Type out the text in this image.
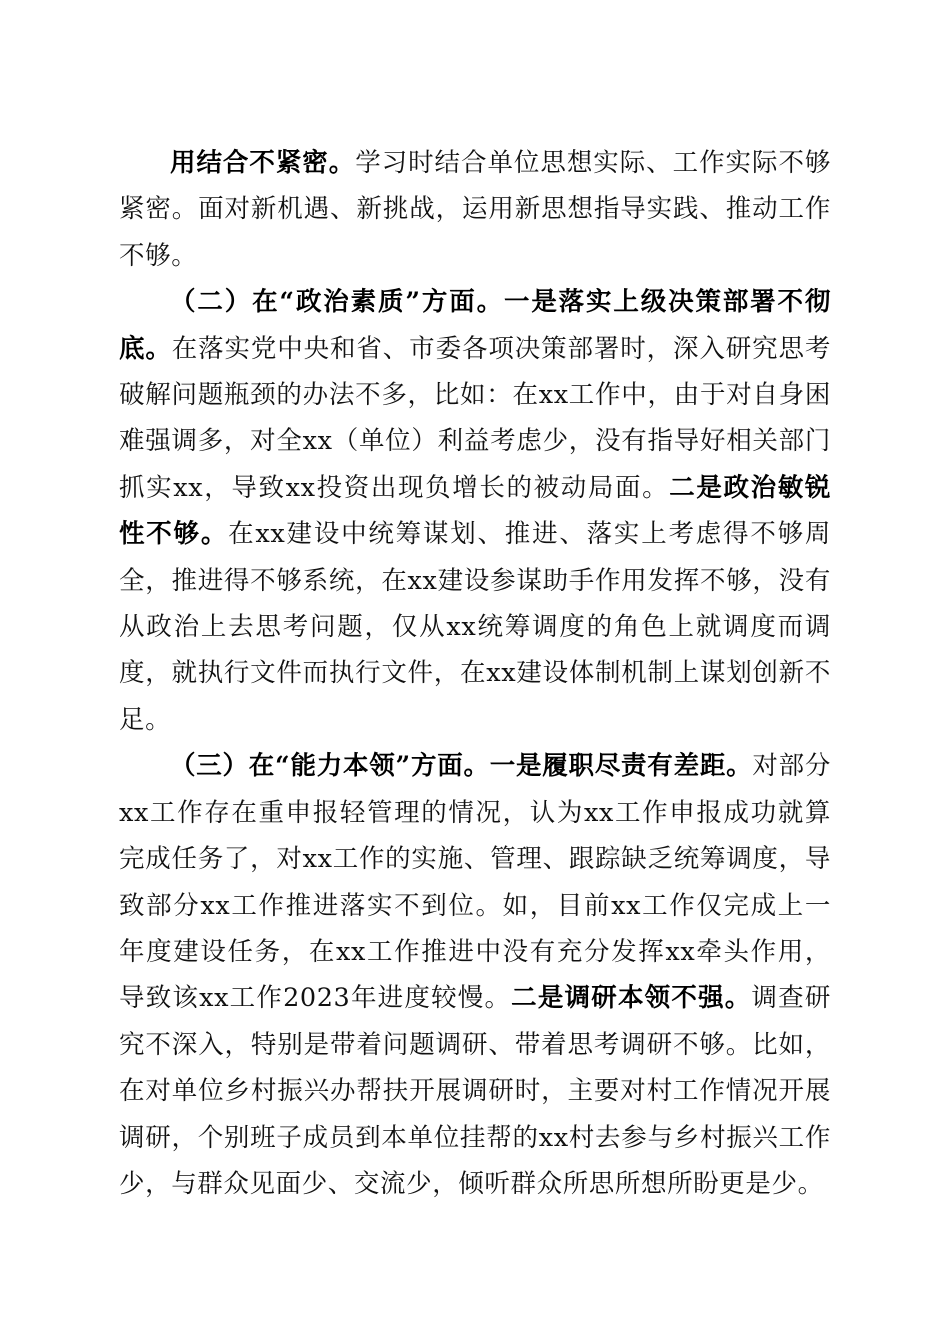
用结合不紧密。学习时结合单位思想实际、工作实际不够紧密。面对新机遇、新挑战，运用新思想指导实践、推动工作不够。

（二）在“政治素质”方面。一是落实上级决策部署不彻底。在落实党中央和省、市委各项决策部署时，深入研究思考破解问题瓶颈的办法不多，比如：在xx工作中，由于对自身困难强调多，对全xx（单位）利益考虑少，没有指导好相关部门抓实xx，导致xx投资出现负增长的被动局面。二是政治敏锐性不够。在xx建设中统筹谋划、推进、落实上考虑得不够周全，推进得不够系统，在xx建设参谋助手作用发挥不够，没有从政治上去思考问题，仅从xx统筹调度的角色上就调度而调度，就执行文件而执行文件，在xx建设体制机制上谋划创新不足。

（三）在“能力本领”方面。一是履职尽责有差距。对部分xx工作存在重申报轻管理的情况，认为xx工作申报成功就算完成任务了，对xx工作的实施、管理、跟踪缺乏统筹调度，导致部分xx工作推进落实不到位。如，目前xx工作仅完成上一年度建设任务，在xx工作推进中没有充分发挥xx牵头作用，导致该xx工作2023年进度较慢。二是调研本领不强。调查研究不深入，特别是带着问题调研、带着思考调研不够。比如，在对单位乡村振兴办帮扶开展调研时，主要对村工作情况开展调研，个别班子成员到本单位挂帮的xx村去参与乡村振兴工作少，与群众见面少、交流少，倾听群众所思所想所盼更是少。
